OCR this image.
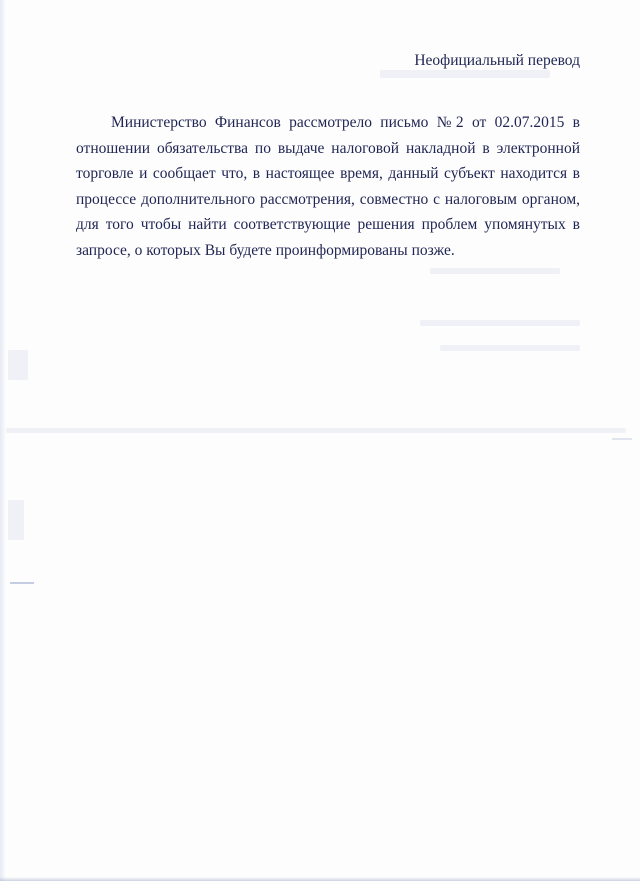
Неофициальный перевод

Министерство Финансов рассмотрело письмо №2 от 02.07.2015 в отношении обязательства по выдаче налоговой накладной в электронной торговле и сообщает что, в настоящее время, данный субъект находится в процессе дополнительного рассмотрения, совместно с налоговым органом, для того чтобы найти соответствующие решения проблем упомянутых в запросе, о которых Вы будете проинформированы позже.
